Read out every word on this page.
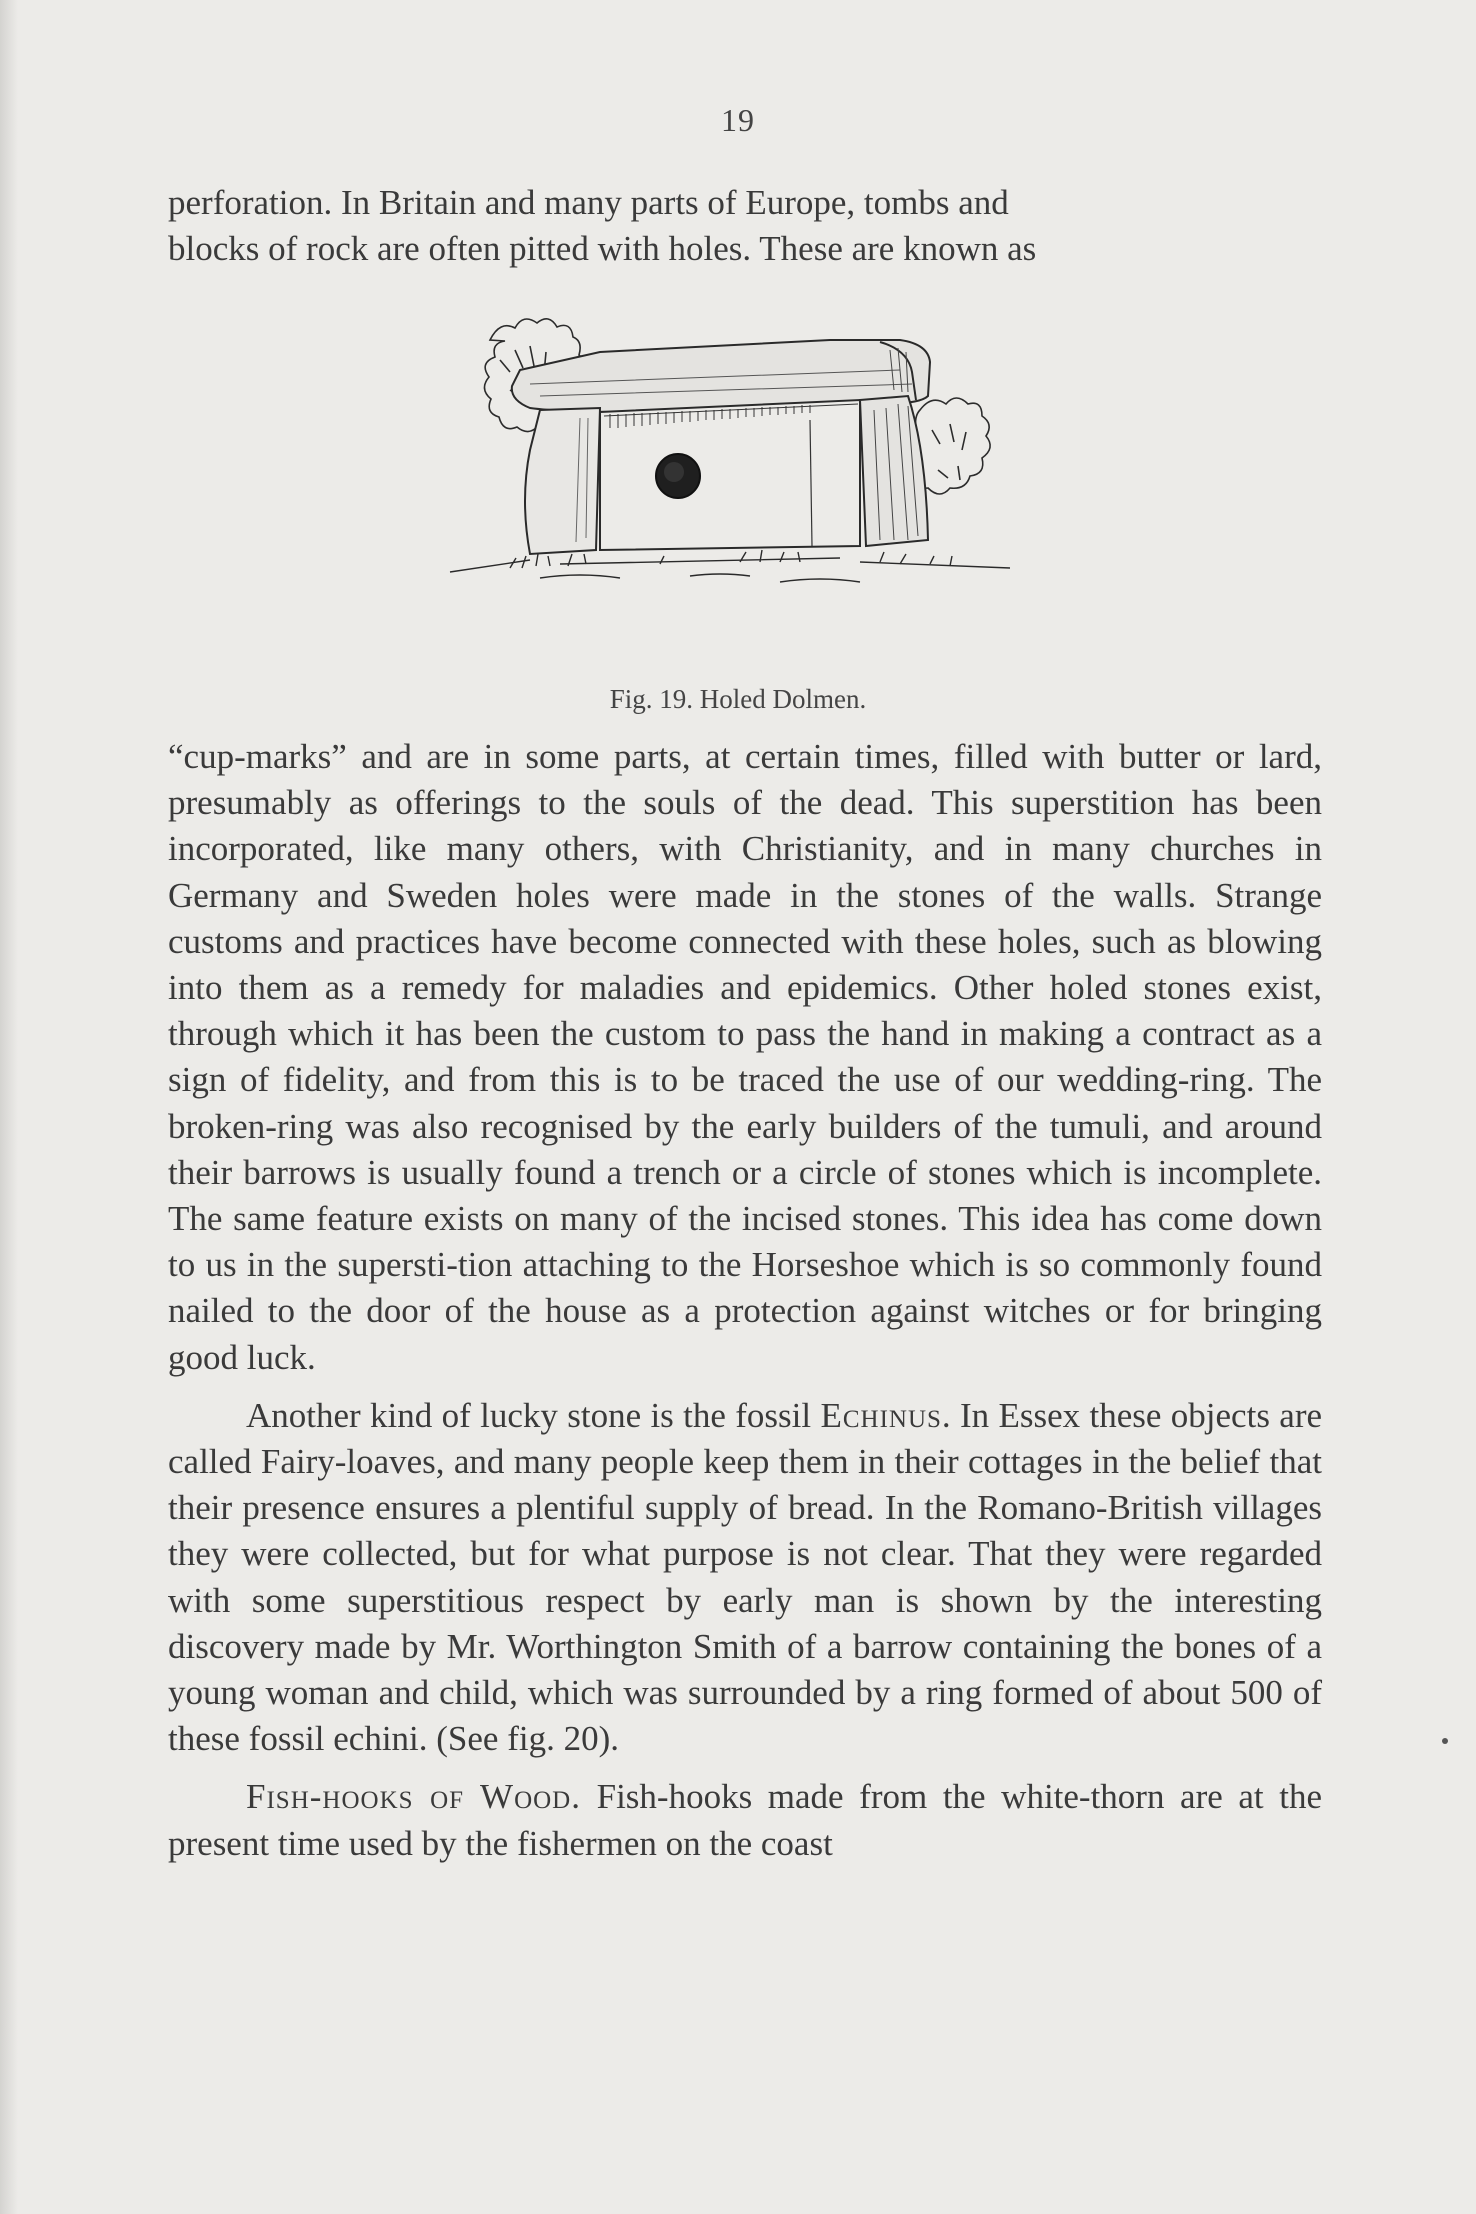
19

perforation. In Britain and many parts of Europe, tombs and

blocks of rock are often pitted with holes. These are known as

Fig. 19. Holed Dolmen.

“cup-marks” and are in some parts, at certain times, filled with butter or lard, presumably as offerings to the souls of the dead. This superstition has been incorporated, like many others, with Christianity, and in many churches in Germany and Sweden holes were made in the stones of the walls. Strange customs and practices have become connected with these holes, such as blowing into them as a remedy for maladies and epidemics. Other holed stones exist, through which it has been the custom to pass the hand in making a contract as a sign of fidelity, and from this is to be traced the use of our wedding-ring. The broken-ring was also recognised by the early builders of the tumuli, and around their barrows is usually found a trench or a circle of stones which is incomplete. The same feature exists on many of the incised stones. This idea has come down to us in the supersti-tion attaching to the Horseshoe which is so commonly found nailed to the door of the house as a protection against witches or for bringing good luck.

Another kind of lucky stone is the fossil Echinus. In Essex these objects are called Fairy-loaves, and many people keep them in their cottages in the belief that their presence ensures a plentiful supply of bread. In the Romano-British villages they were collected, but for what purpose is not clear. That they were regarded with some superstitious respect by early man is shown by the interesting discovery made by Mr. Worthington Smith of a barrow containing the bones of a young woman and child, which was surrounded by a ring formed of about 500 of these fossil echini. (See fig. 20).

Fish-hooks of Wood. Fish-hooks made from the white-thorn are at the present time used by the fishermen on the coast
